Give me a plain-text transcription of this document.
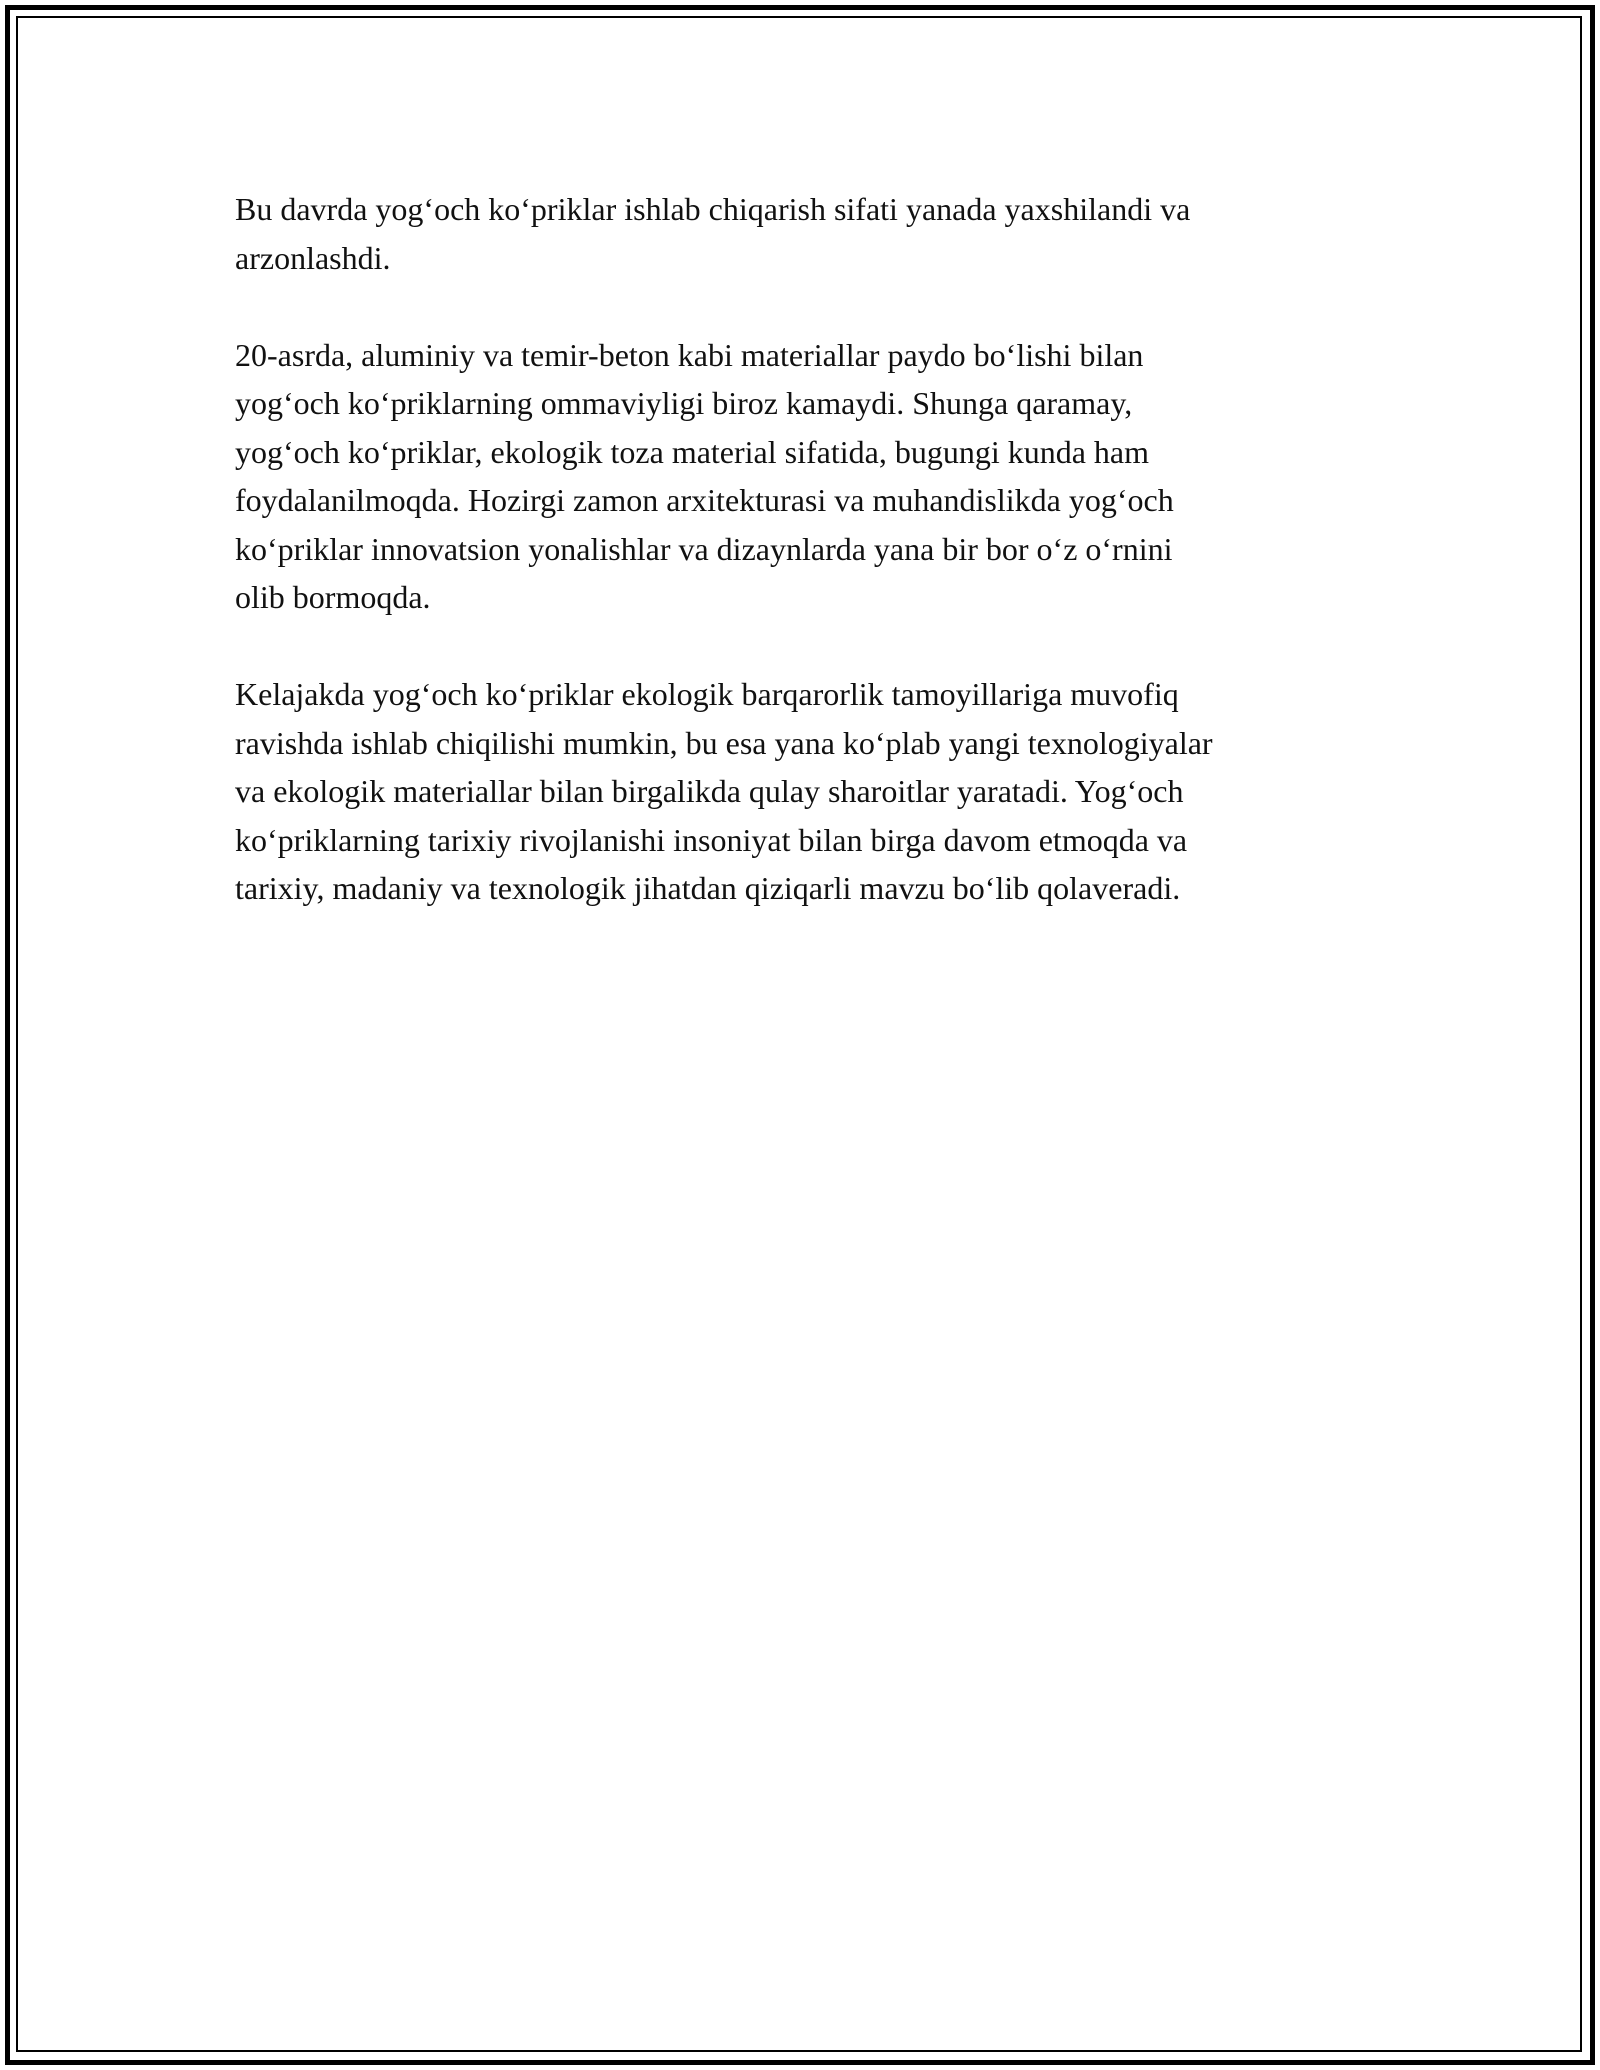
Bu davrda yog‘och ko‘priklar ishlab chiqarish sifati yanada yaxshilandi va
arzonlashdi.

20-asrda, aluminiy va temir-beton kabi materiallar paydo bo‘lishi bilan
yog‘och ko‘priklarning ommaviyligi biroz kamaydi. Shunga qaramay,
yog‘och ko‘priklar, ekologik toza material sifatida, bugungi kunda ham
foydalanilmoqda. Hozirgi zamon arxitekturasi va muhandislikda yog‘och
ko‘priklar innovatsion yonalishlar va dizaynlarda yana bir bor o‘z o‘rnini
olib bormoqda.

Kelajakda yog‘och ko‘priklar ekologik barqarorlik tamoyillariga muvofiq
ravishda ishlab chiqilishi mumkin, bu esa yana ko‘plab yangi texnologiyalar
va ekologik materiallar bilan birgalikda qulay sharoitlar yaratadi. Yog‘och
ko‘priklarning tarixiy rivojlanishi insoniyat bilan birga davom etmoqda va
tarixiy, madaniy va texnologik jihatdan qiziqarli mavzu bo‘lib qolaveradi.
